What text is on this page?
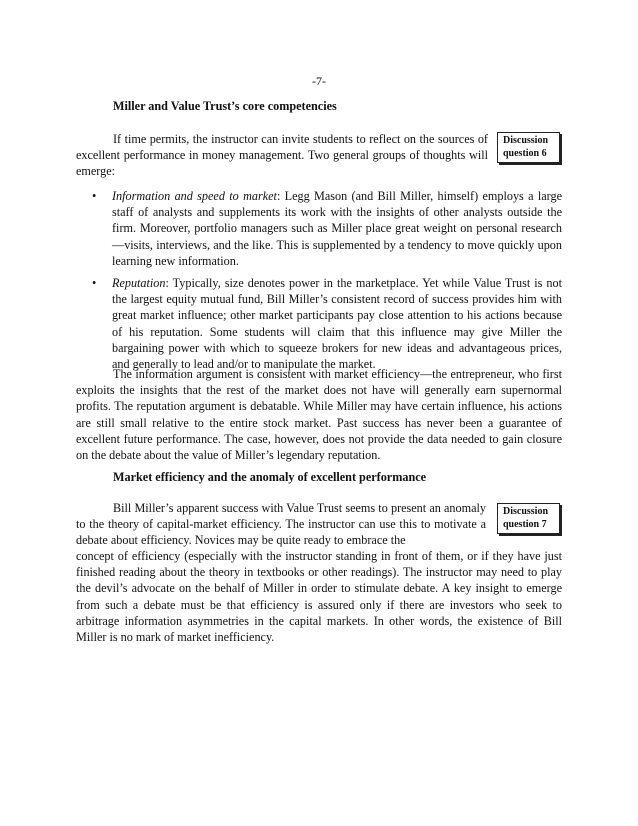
-7-
Miller and Value Trust’s core competencies
Discussion
question 6
If time permits, the instructor can invite students to reflect on the sources of excellent performance in money management. Two general groups of thoughts will emerge:
• Information and speed to market: Legg Mason (and Bill Miller, himself) employs a large staff of analysts and supplements its work with the insights of other analysts outside the firm. Moreover, portfolio managers such as Miller place great weight on personal research—visits, interviews, and the like. This is supplemented by a tendency to move quickly upon learning new information.
• Reputation: Typically, size denotes power in the marketplace. Yet while Value Trust is not the largest equity mutual fund, Bill Miller’s consistent record of success provides him with great market influence; other market participants pay close attention to his actions because of his reputation. Some students will claim that this influence may give Miller the bargaining power with which to squeeze brokers for new ideas and advantageous prices, and generally to lead and/or to manipulate the market.
The information argument is consistent with market efficiency—the entrepreneur, who first exploits the insights that the rest of the market does not have will generally earn supernormal profits. The reputation argument is debatable. While Miller may have certain influence, his actions are still small relative to the entire stock market. Past success has never been a guarantee of excellent future performance. The case, however, does not provide the data needed to gain closure on the debate about the value of Miller’s legendary reputation.
Market efficiency and the anomaly of excellent performance
Discussion
question 7
Bill Miller’s apparent success with Value Trust seems to present an anomaly to the theory of capital-market efficiency. The instructor can use this to motivate a debate about efficiency. Novices may be quite ready to embrace the
concept of efficiency (especially with the instructor standing in front of them, or if they have just finished reading about the theory in textbooks or other readings). The instructor may need to play the devil’s advocate on the behalf of Miller in order to stimulate debate. A key insight to emerge from such a debate must be that efficiency is assured only if there are investors who seek to arbitrage information asymmetries in the capital markets. In other words, the existence of Bill Miller is no mark of market inefficiency.
